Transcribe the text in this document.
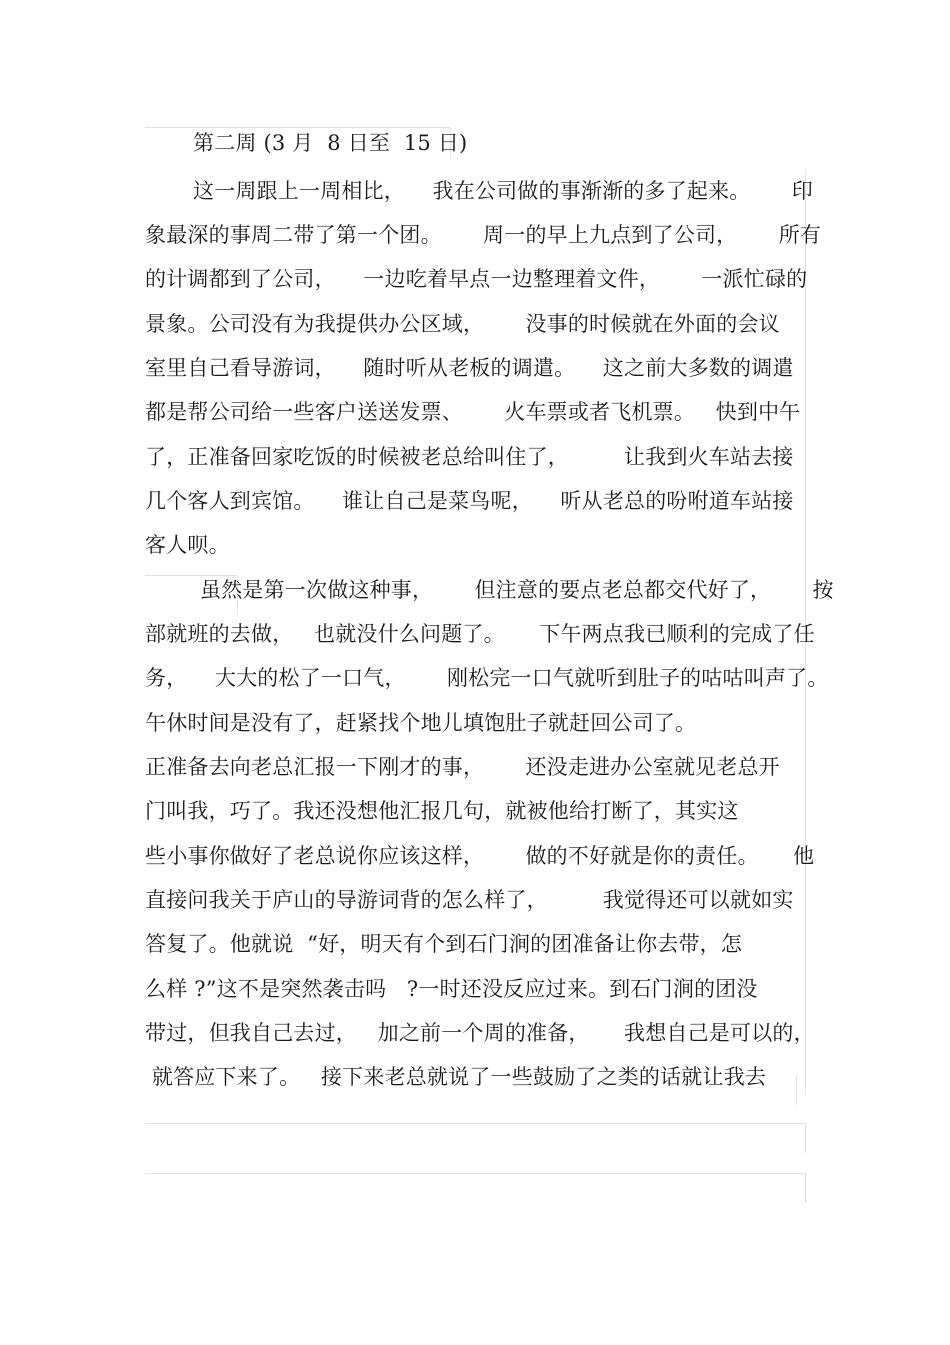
第二周 (3 月  8 日至  15 日)
这一周跟上一周相比，    我在公司做的事渐渐的多了起来。      印
象最深的事周二带了第一个团。      周一的早上九点到了公司，      所有
的计调都到了公司，    一边吃着早点一边整理着文件，      一派忙碌的
景象。公司没有为我提供办公区域，      没事的时候就在外面的会议
室里自己看导游词，    随时听从老板的调遣。    这之前大多数的调遣
都是帮公司给一些客户送送发票、      火车票或者飞机票。   快到中午
了，正准备回家吃饭的时候被老总给叫住了，        让我到火车站去接
几个客人到宾馆。    谁让自己是菜鸟呢，    听从老总的吩咐道车站接
客人呗。
虽然是第一次做这种事，      但注意的要点老总都交代好了，      按
部就班的去做，   也就没什么问题了。     下午两点我已顺利的完成了任
务，    大大的松了一口气，      刚松完一口气就听到肚子的咕咕叫声了。
午休时间是没有了，赶紧找个地儿填饱肚子就赶回公司了。
正准备去向老总汇报一下刚才的事，      还没走进办公室就见老总开
门叫我，巧了。我还没想他汇报几句，就被他给打断了，其实这
些小事你做好了老总说你应该这样，      做的不好就是你的责任。     他
直接问我关于庐山的导游词背的怎么样了，        我觉得还可以就如实
答复了。他就说  “好，明天有个到石门涧的团准备让你去带，怎
么样 ?”这不是突然袭击吗   ?一时还没反应过来。到石门涧的团没
带过，但我自己去过，   加之前一个周的准备，     我想自己是可以的，
就答应下来了。   接下来老总就说了一些鼓励了之类的话就让我去
